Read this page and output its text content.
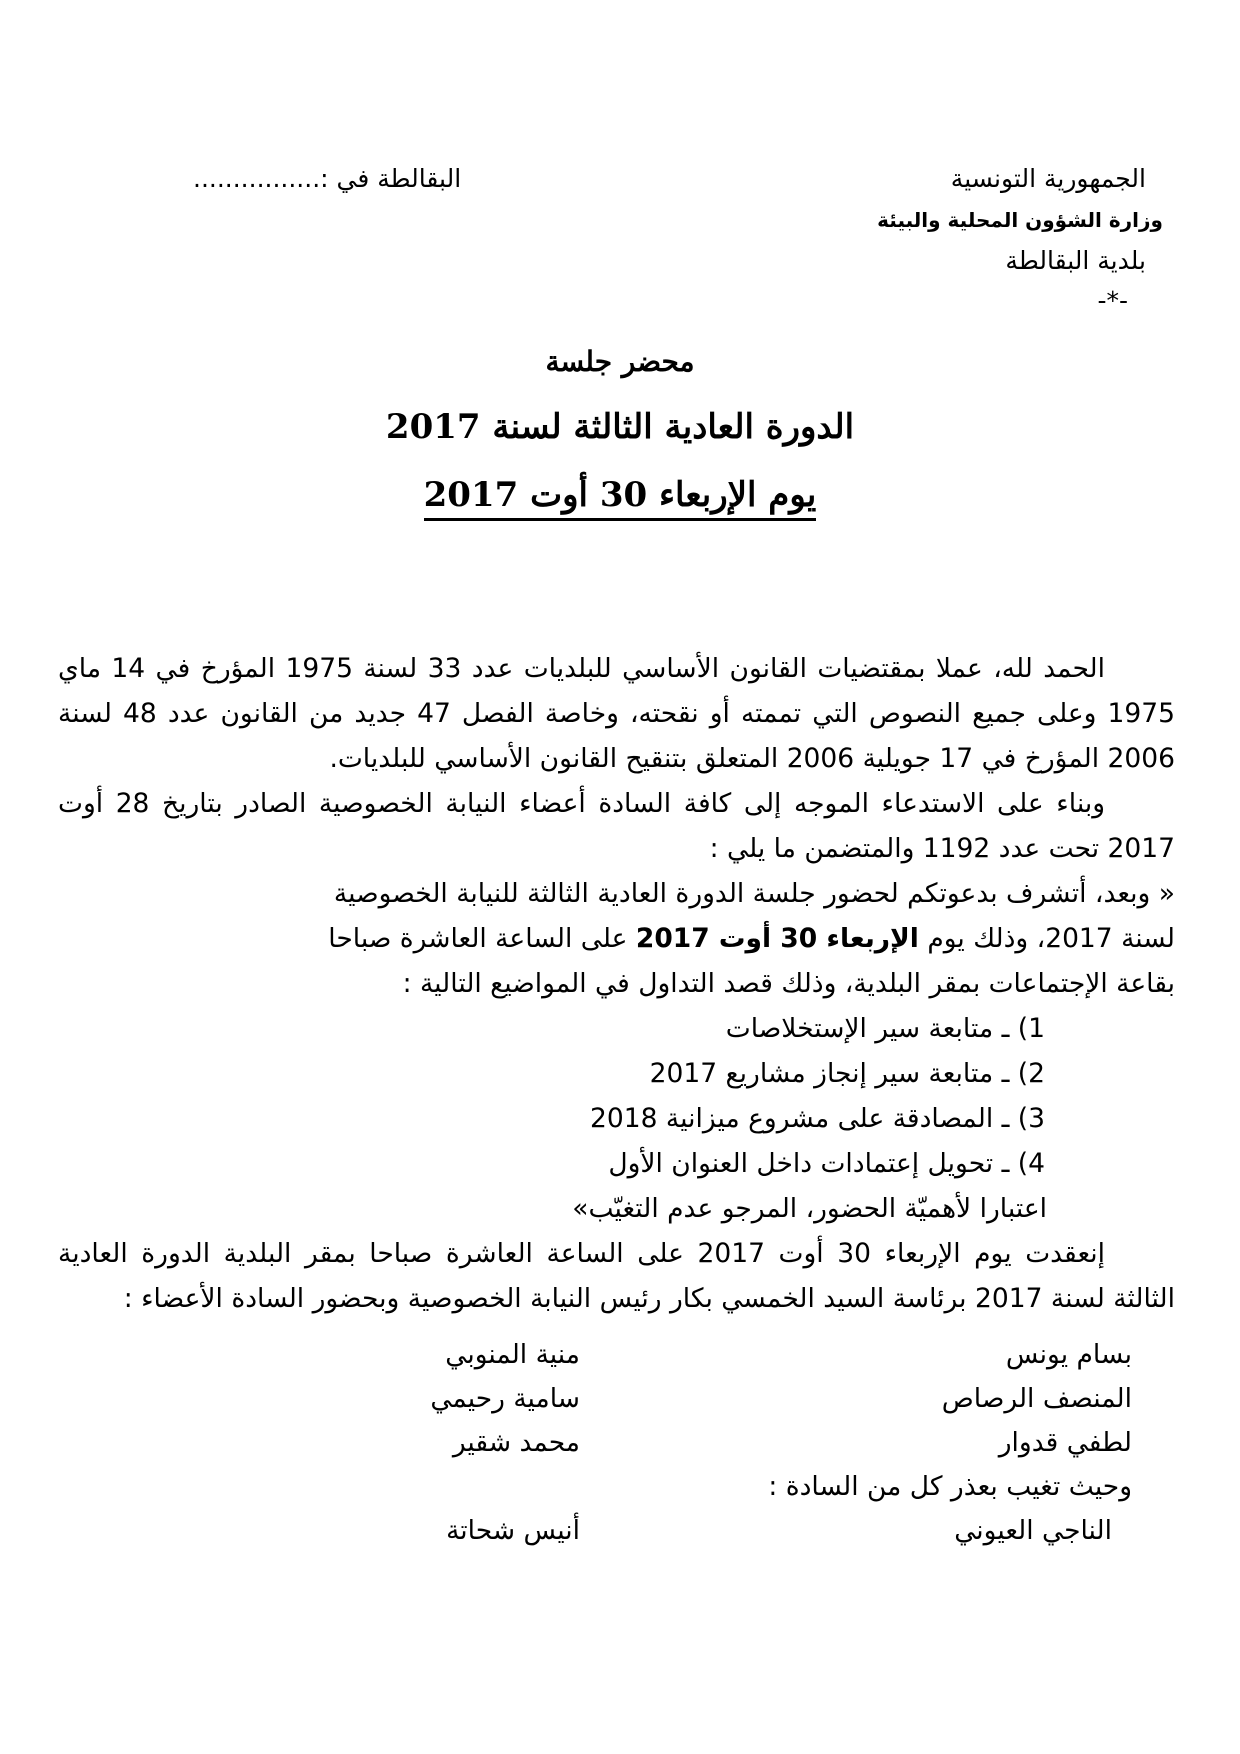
الجمهورية التونسية
وزارة الشؤون المحلية والبيئة
بلدية البقالطة
-*-
البقالطة في :................
محضر جلسة
الدورة العادية الثالثة لسنة 2017
يوم الإربعاء 30 أوت 2017
الحمد لله، عملا بمقتضيات القانون الأساسي للبلديات عدد 33 لسنة 1975 المؤرخ في 14 ماي 1975 وعلى جميع النصوص التي تممته أو نقحته، وخاصة الفصل 47 جديد من القانون عدد 48 لسنة 2006 المؤرخ في 17 جويلية 2006 المتعلق بتنقيح القانون الأساسي للبلديات.
وبناء على الاستدعاء الموجه إلى كافة السادة أعضاء النيابة الخصوصية الصادر بتاريخ 28 أوت 2017 تحت عدد 1192 والمتضمن ما يلي :
« وبعد، أتشرف بدعوتكم لحضور جلسة الدورة العادية الثالثة للنيابة الخصوصية
لسنة 2017، وذلك يوم الإربعاء 30 أوت 2017 على الساعة العاشرة صباحا
بقاعة الإجتماعات بمقر البلدية، وذلك قصد التداول في المواضيع التالية :
1) ـ متابعة سير الإستخلاصات
2) ـ متابعة سير إنجاز مشاريع 2017
3) ـ المصادقة على مشروع ميزانية 2018
4) ـ تحويل إعتمادات داخل العنوان الأول
اعتبارا لأهميّة الحضور، المرجو عدم التغيّب»
إنعقدت يوم الإربعاء 30 أوت 2017 على الساعة العاشرة صباحا بمقر البلدية الدورة العادية الثالثة لسنة 2017 برئاسة السيد الخمسي بكار رئيس النيابة الخصوصية وبحضور السادة الأعضاء :
بسام يونس
المنصف الرصاص
لطفي قدوار
منية المنوبي
سامية رحيمي
محمد شقير
وحيث تغيب بعذر كل من السادة :
الناجي العيوني
أنيس شحاتة
